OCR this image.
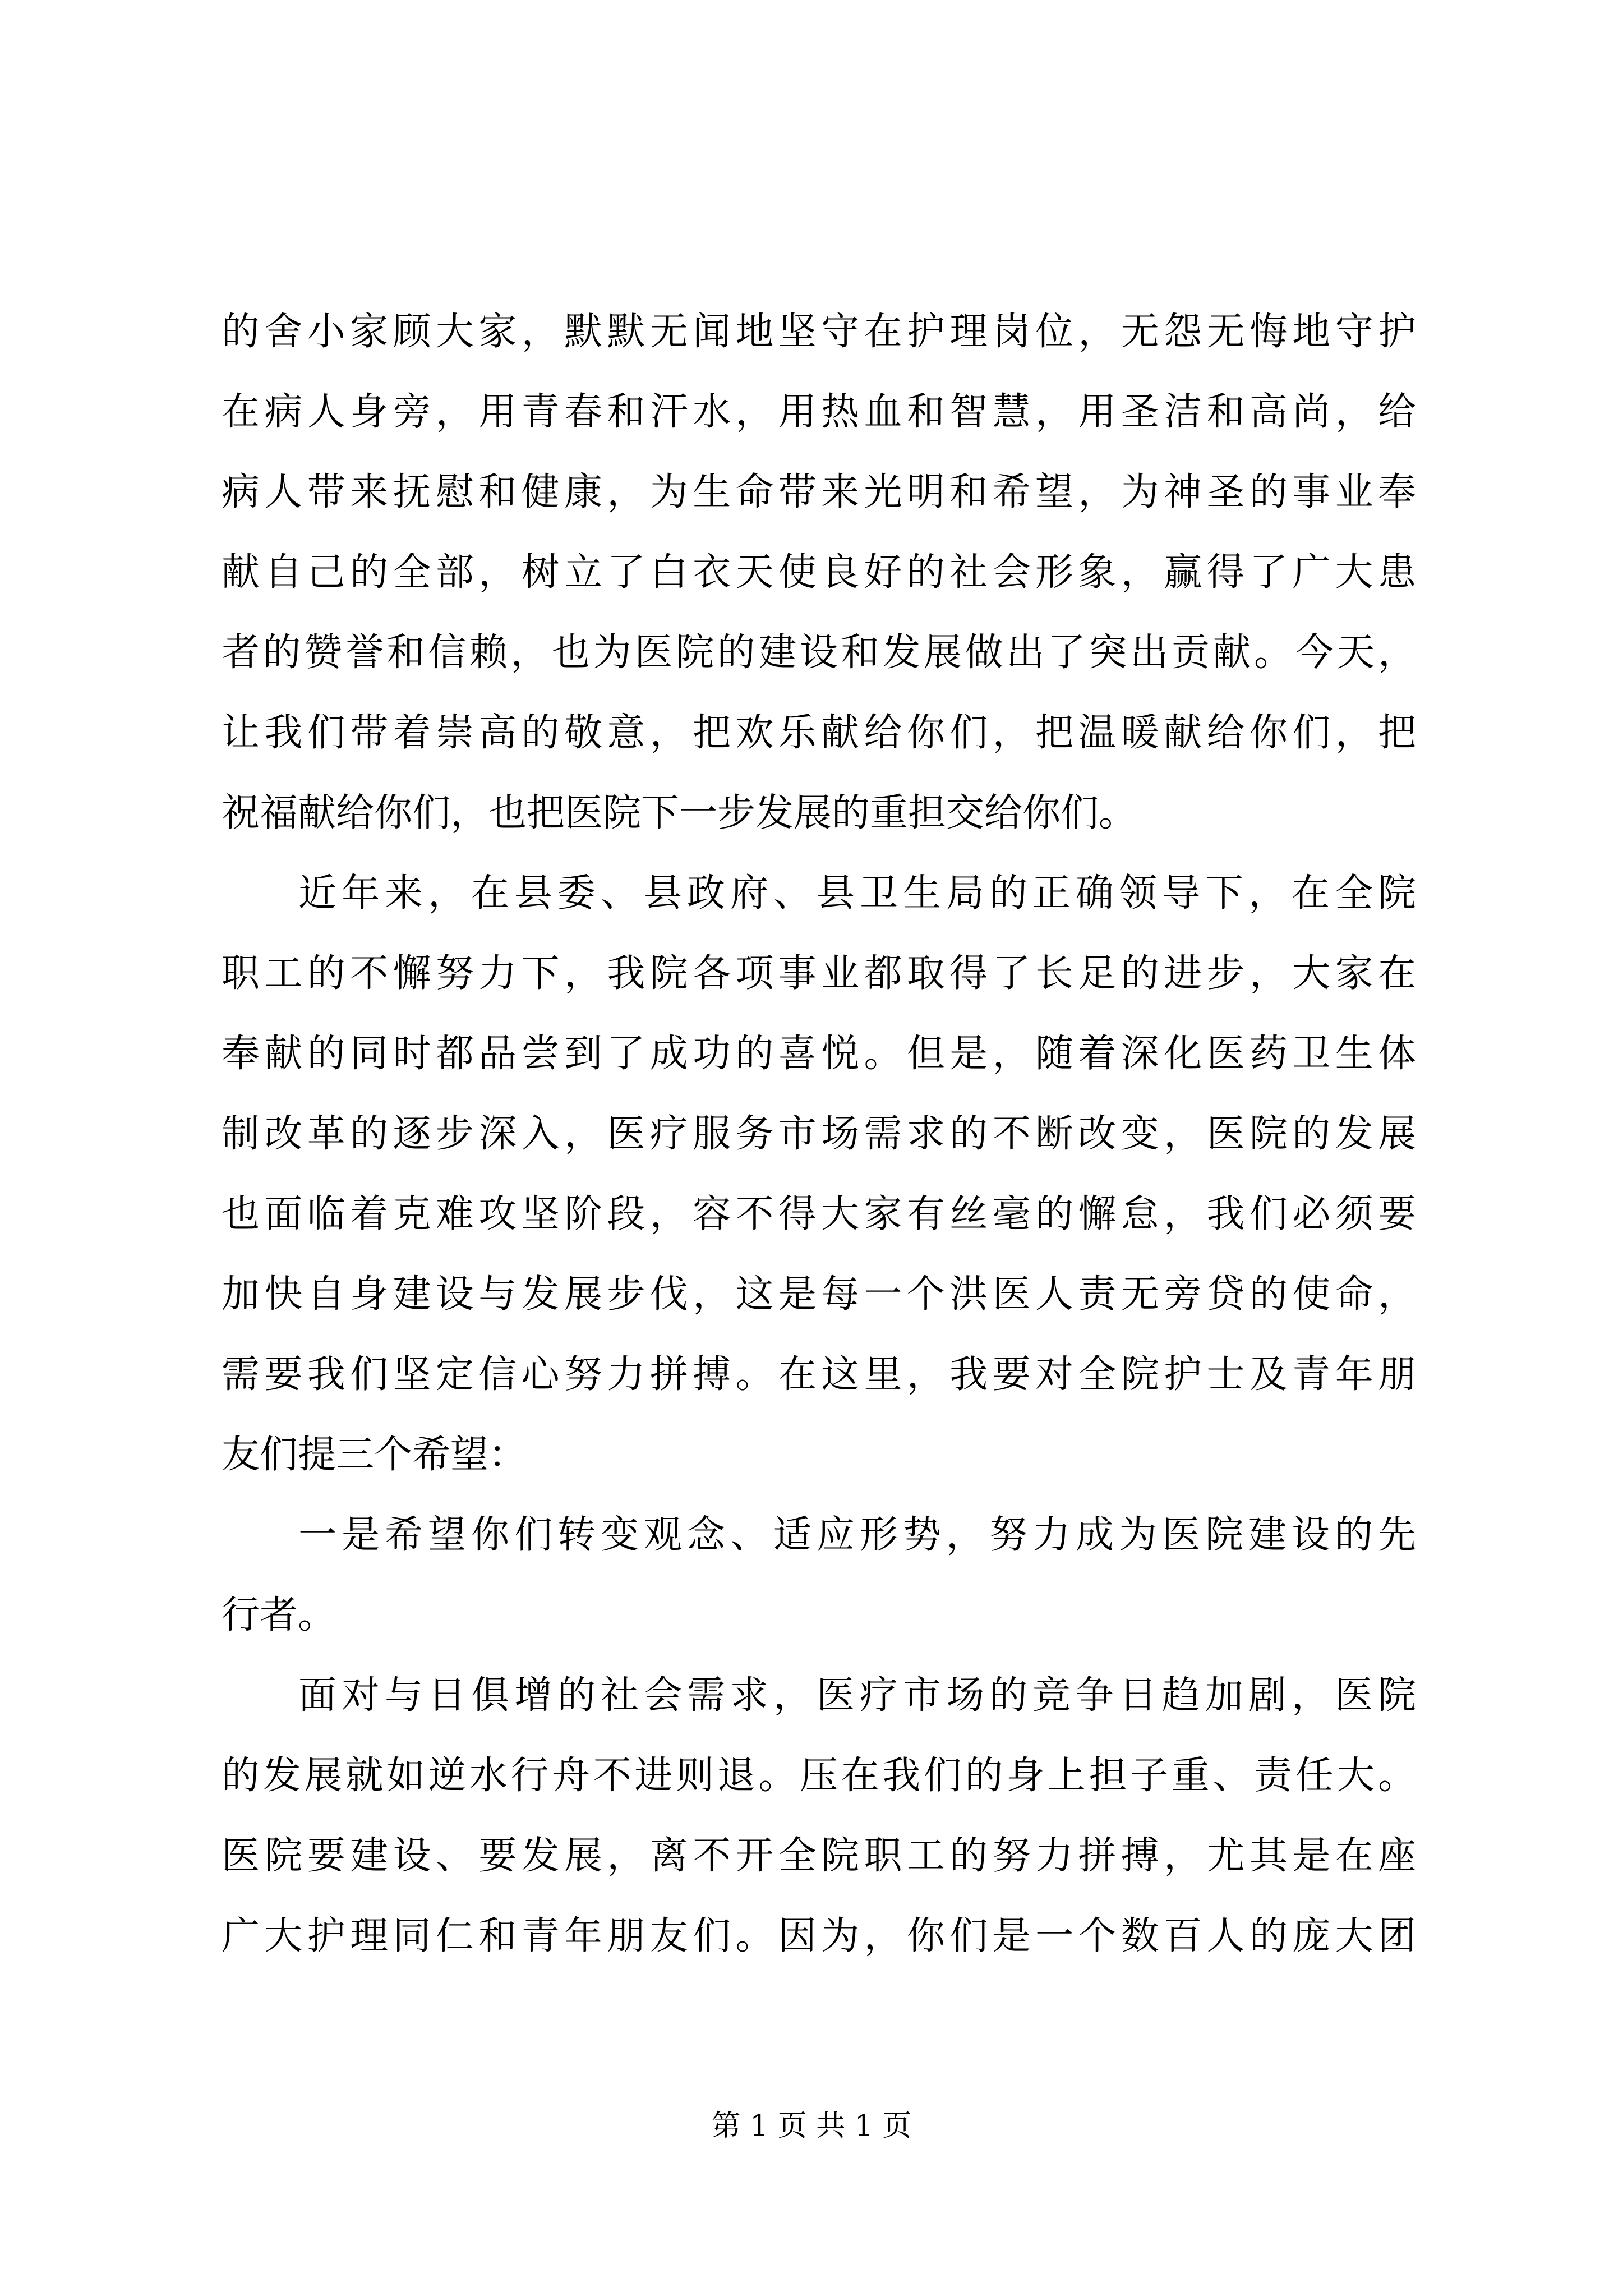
的舍小家顾大家，默默无闻地坚守在护理岗位，无怨无悔地守护
在病人身旁，用青春和汗水，用热血和智慧，用圣洁和高尚，给
病人带来抚慰和健康，为生命带来光明和希望，为神圣的事业奉
献自己的全部，树立了白衣天使良好的社会形象，赢得了广大患
者的赞誉和信赖，也为医院的建设和发展做出了突出贡献。今天，
让我们带着崇高的敬意，把欢乐献给你们，把温暖献给你们，把
祝福献给你们，也把医院下一步发展的重担交给你们。
近年来，在县委、县政府、县卫生局的正确领导下，在全院
职工的不懈努力下，我院各项事业都取得了长足的进步，大家在
奉献的同时都品尝到了成功的喜悦。但是，随着深化医药卫生体
制改革的逐步深入，医疗服务市场需求的不断改变，医院的发展
也面临着克难攻坚阶段，容不得大家有丝毫的懈怠，我们必须要
加快自身建设与发展步伐，这是每一个洪医人责无旁贷的使命，
需要我们坚定信心努力拼搏。在这里，我要对全院护士及青年朋
友们提三个希望：
一是希望你们转变观念、适应形势，努力成为医院建设的先
行者。
面对与日俱增的社会需求，医疗市场的竞争日趋加剧，医院
的发展就如逆水行舟不进则退。压在我们的身上担子重、责任大。
医院要建设、要发展，离不开全院职工的努力拼搏，尤其是在座
广大护理同仁和青年朋友们。因为，你们是一个数百人的庞大团
第 1 页 共 1 页
